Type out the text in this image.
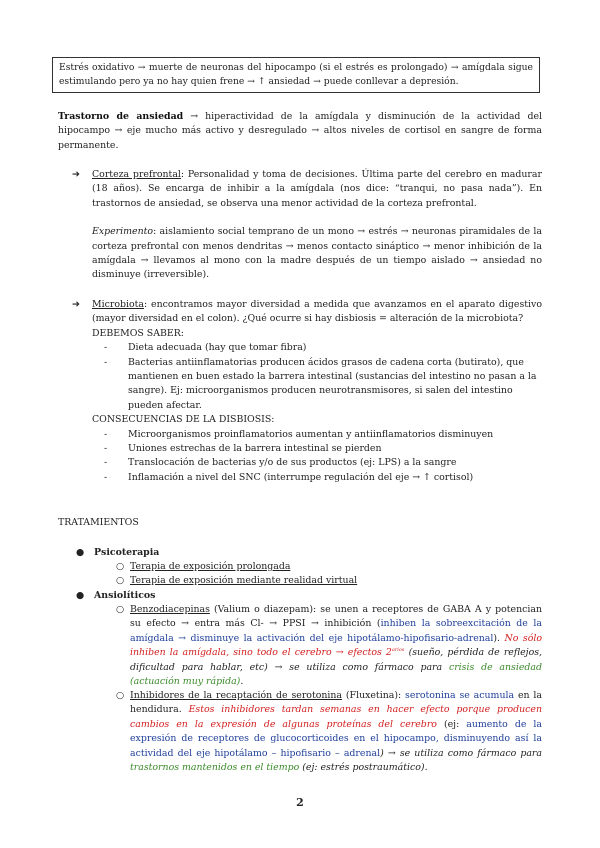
Estrés oxidativo → muerte de neuronas del hipocampo (si el estrés es prolongado) → amígdala sigue estimulando pero ya no hay quien frene → ↑ ansiedad → puede conllevar a depresión.
Trastorno de ansiedad → hiperactividad de la amígdala y disminución de la actividad del hipocampo → eje mucho más activo y desregulado → altos niveles de cortisol en sangre de forma permanente.
➔	Corteza prefrontal: Personalidad y toma de decisiones. Última parte del cerebro en madurar (18 años). Se encarga de inhibir a la amígdala (nos dice: “tranqui, no pasa nada”). En trastornos de ansiedad, se observa una menor actividad de la corteza prefrontal.
Experimento: aislamiento social temprano de un mono → estrés → neuronas piramidales de la corteza prefrontal con menos dendritas → menos contacto sináptico → menor inhibición de la amígdala → llevamos al mono con la madre después de un tiempo aislado → ansiedad no disminuye (irreversible).
➔	Microbiota: encontramos mayor diversidad a medida que avanzamos en el aparato digestivo (mayor diversidad en el colon). ¿Qué ocurre si hay disbiosis = alteración de la microbiota?
DEBEMOS SABER:
- Dieta adecuada (hay que tomar fibra)
- Bacterias antiinflamatorias producen ácidos grasos de cadena corta (butirato), que mantienen en buen estado la barrera intestinal (sustancias del intestino no pasan a la sangre). Ej: microorganismos producen neurotransmisores, si salen del intestino pueden afectar.
CONSECUENCIAS DE LA DISBIOSIS:
- Microorganismos proinflamatorios aumentan y antiinflamatorios disminuyen
- Uniones estrechas de la barrera intestinal se pierden
- Translocación de bacterias y/o de sus productos (ej: LPS) a la sangre
- Inflamación a nivel del SNC (interrumpe regulación del eje → ↑ cortisol)
TRATAMIENTOS
● Psicoterapia
○ Terapia de exposición prolongada
○ Terapia de exposición mediante realidad virtual
● Ansiolíticos
○ Benzodiacepinas (Valium o diazepam): se unen a receptores de GABA A y potencian su efecto → entra más Cl- → PPSI → inhibición (inhiben la sobreexcitación de la amígdala → disminuye la activación del eje hipotálamo-hipofisario-adrenal). No sólo inhiben la amígdala, sino todo el cerebro → efectos $2^{arios}$ (sueño, pérdida de reflejos, dificultad para hablar, etc) → se utiliza como fármaco para crisis de ansiedad (actuación muy rápida).
○ Inhibidores de la recaptación de serotonina (Fluxetina): serotonina se acumula en la hendidura. Estos inhibidores tardan semanas en hacer efecto porque producen cambios en la expresión de algunas proteínas del cerebro (ej: aumento de la expresión de receptores de glucocorticoides en el hipocampo, disminuyendo así la actividad del eje hipotálamo – hipofisario – adrenal) → se utiliza como fármaco para trastornos mantenidos en el tiempo (ej: estrés postraumático).
2
